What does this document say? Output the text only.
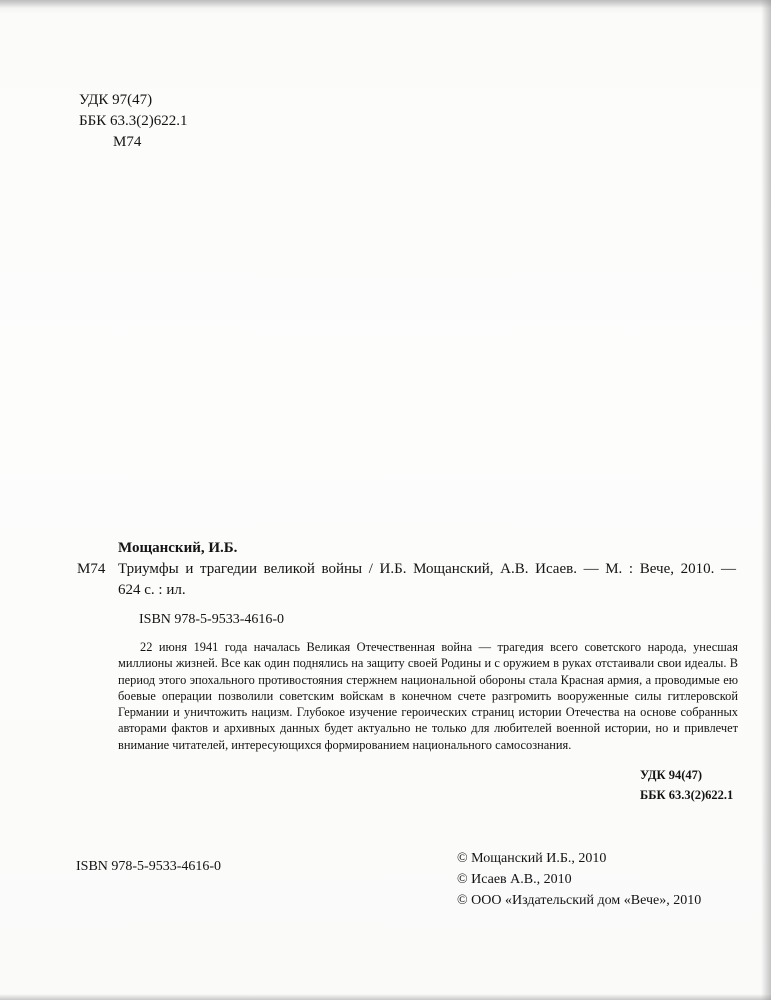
УДК 97(47)
ББК 63.3(2)622.1
М74
Мощанский, И.Б.
М74 Триумфы и трагедии великой войны / И.Б. Мощанский, А.В. Исаев. — М. : Вече, 2010. —
624 с. : ил.
ISBN 978-5-9533-4616-0
22 июня 1941 года началась Великая Отечественная война — трагедия всего советского народа, унесшая миллионы жизней. Все как один поднялись на защиту своей Родины и с оружием в руках отстаивали свои идеалы. В период этого эпохального противостояния стержнем национальной обороны стала Красная армия, а проводимые ею боевые операции позволили советским войскам в конечном счете разгромить вооруженные силы гитлеровской Германии и уничтожить нацизм. Глубокое изучение героических страниц истории Отечества на основе собранных авторами фактов и архивных данных будет актуально не только для любителей военной истории, но и привлечет внимание читателей, интересующихся формированием национального самосознания.
УДК 94(47)
ББК 63.3(2)622.1
ISBN 978-5-9533-4616-0
© Мощанский И.Б., 2010
© Исаев А.В., 2010
© ООО «Издательский дом «Вече», 2010
